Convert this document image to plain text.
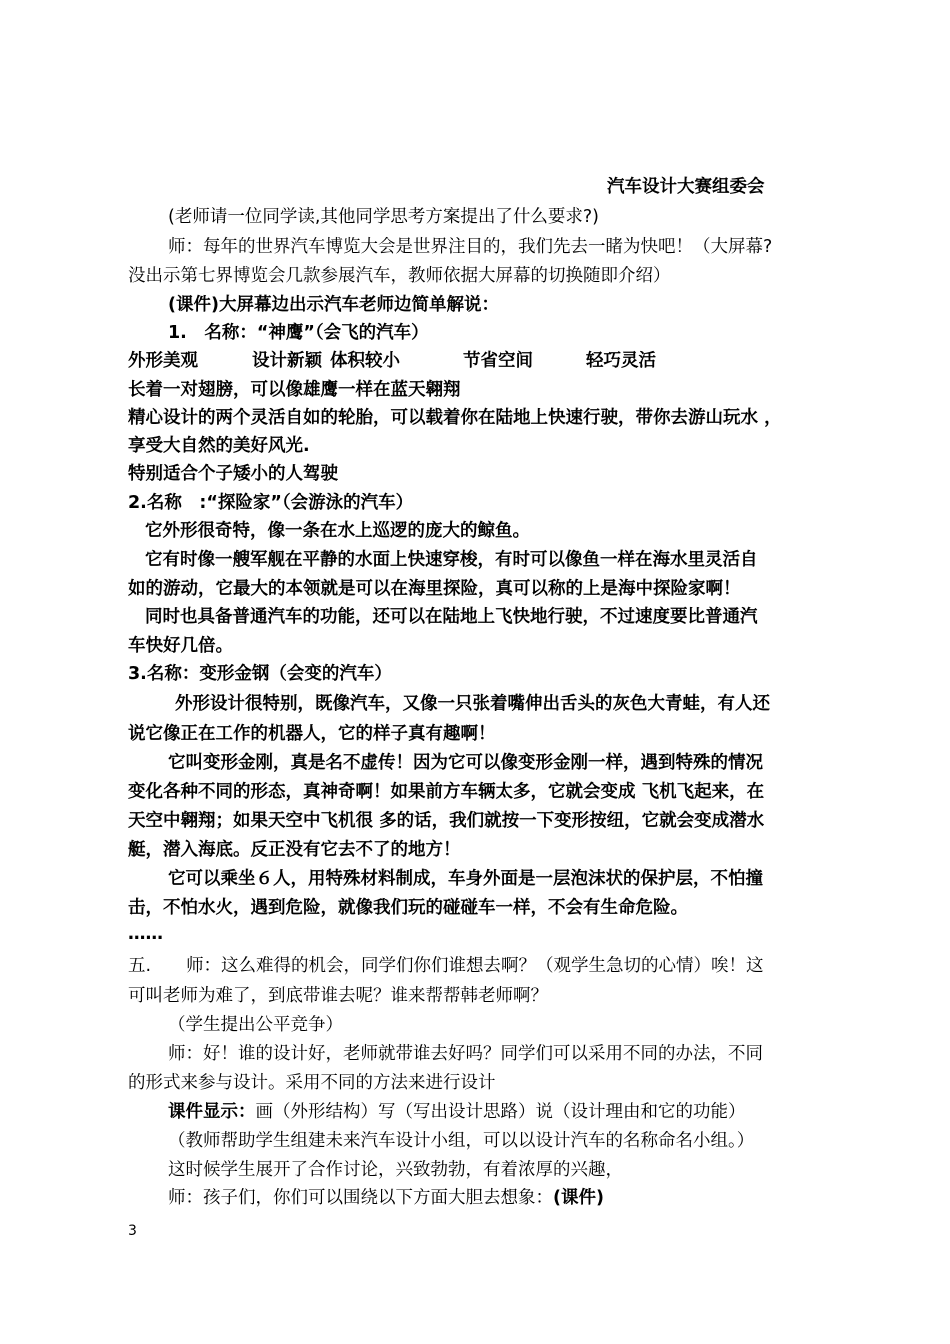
汽车设计大赛组委会
(老师请一位同学读,其他同学思考方案提出了什么要求?)
师：每年的世界汽车博览大会是世界注目的，我们先去一睹为快吧！（大屏幕?
没出示第七界博览会几款参展汽车，教师依据大屏幕的切换随即介绍）
(课件)大屏幕边出示汽车老师边简单解说：
1.　名称：“神鹰”（会飞的汽车）
外形美观	设计新颖 体积较小	节省空间	轻巧灵活
长着一对翅膀，可以像雄鹰一样在蓝天翱翔
精心设计的两个灵活自如的轮胎，可以载着你在陆地上快速行驶，带你去游山玩水 ，
享受大自然的美好风光.
特别适合个子矮小的人驾驶
2.名称　:“探险家”（会游泳的汽车）
它外形很奇特，像一条在水上巡逻的庞大的鲸鱼。
它有时像一艘军舰在平静的水面上快速穿梭，有时可以像鱼一样在海水里灵活自
如的游动，它最大的本领就是可以在海里探险，真可以称的上是海中探险家啊！
同时也具备普通汽车的功能，还可以在陆地上飞快地行驶，不过速度要比普通汽
车快好几倍。
3.名称：变形金钢（会变的汽车）
外形设计很特别，既像汽车，又像一只张着嘴伸出舌头的灰色大青蛙，有人还
说它像正在工作的机器人，它的样子真有趣啊！
它叫变形金刚，真是名不虚传！因为它可以像变形金刚一样，遇到特殊的情况
变化各种不同的形态，真神奇啊！如果前方车辆太多，它就会变成 飞机飞起来，在
天空中翱翔；如果天空中飞机很 多的话，我们就按一下变形按纽，它就会变成潜水
艇，潜入海底。反正没有它去不了的地方！
它可以乘坐６人，用特殊材料制成，车身外面是一层泡沫状的保护层，不怕撞
击，不怕水火，遇到危险，就像我们玩的碰碰车一样，不会有生命危险。
……
五.　　师：这么难得的机会，同学们你们谁想去啊？（观学生急切的心情）唉！这
可叫老师为难了，到底带谁去呢？谁来帮帮韩老师啊？
（学生提出公平竞争）
师：好！谁的设计好，老师就带谁去好吗？同学们可以采用不同的办法，不同
的形式来参与设计。采用不同的方法来进行设计
课件显示：画（外形结构）写（写出设计思路）说（设计理由和它的功能）
（教师帮助学生组建未来汽车设计小组，可以以设计汽车的名称命名小组。）
这时候学生展开了合作讨论，兴致勃勃，有着浓厚的兴趣，
师：孩子们，你们可以围绕以下方面大胆去想象：(课件)
3
